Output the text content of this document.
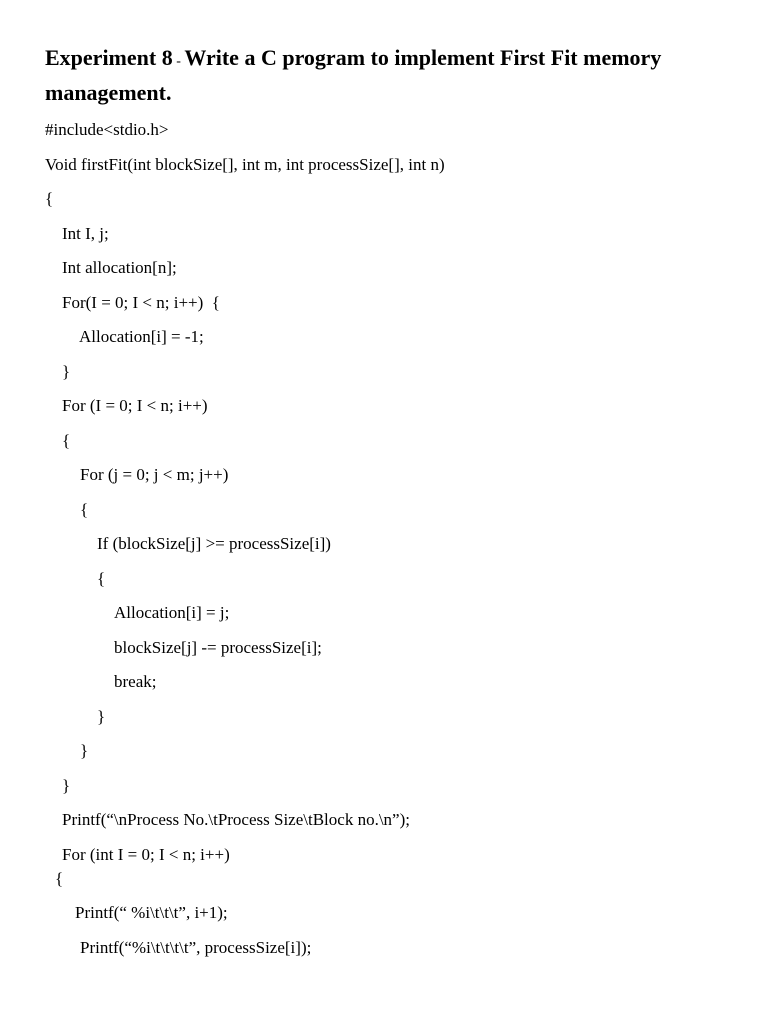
Experiment 8 - Write a C program to implement First Fit memory management.
#include<stdio.h>
Void firstFit(int blockSize[], int m, int processSize[], int n)
{
Int I, j;
Int allocation[n];
For(I = 0; I < n; i++)  {
Allocation[i] = -1;
}
For (I = 0; I < n; i++)
{
For (j = 0; j < m; j++)
{
If (blockSize[j] >= processSize[i])
{
Allocation[i] = j;
blockSize[j] -= processSize[i];
break;
}
}
}
Printf(“\nProcess No.\tProcess Size\tBlock no.\n”);
For (int I = 0; I < n; i++)
{
Printf(“ %i\t\t\t”, i+1);
Printf(“%i\t\t\t\t”, processSize[i]);
